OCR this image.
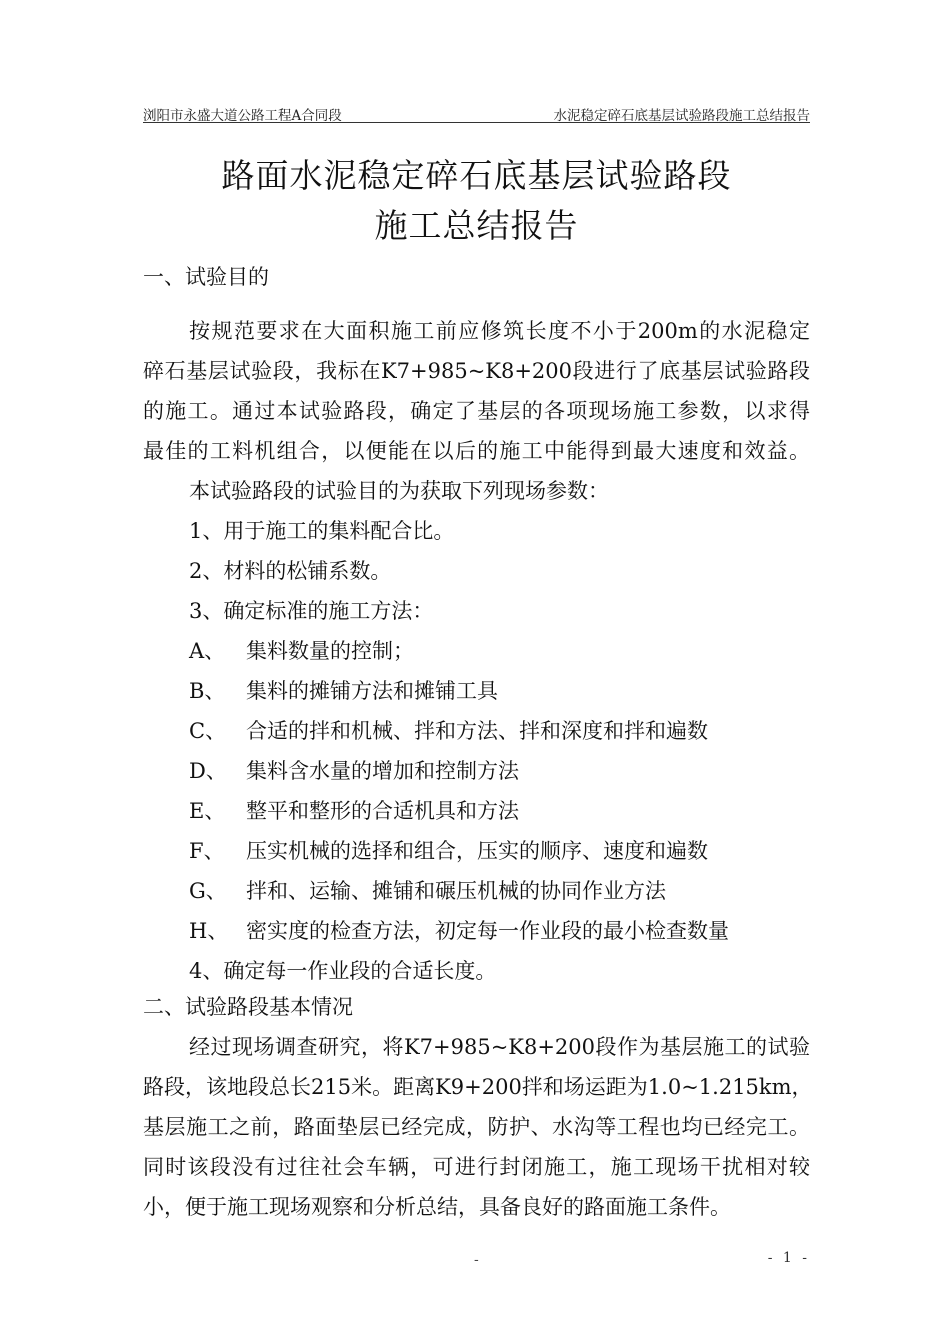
浏阳市永盛大道公路工程A合同段	水泥稳定碎石底基层试验路段施工总结报告
路面水泥稳定碎石底基层试验路段
施工总结报告
一、试验目的
按规范要求在大面积施工前应修筑长度不小于200m的水泥稳定
碎石基层试验段，我标在K7+985~K8+200段进行了底基层试验路段
的施工。通过本试验路段，确定了基层的各项现场施工参数，以求得
最佳的工料机组合，以便能在以后的施工中能得到最大速度和效益。
本试验路段的试验目的为获取下列现场参数：
1、用于施工的集料配合比。
2、材料的松铺系数。
3、确定标准的施工方法：
A、 集料数量的控制；
B、 集料的摊铺方法和摊铺工具
C、 合适的拌和机械、拌和方法、拌和深度和拌和遍数
D、 集料含水量的增加和控制方法
E、 整平和整形的合适机具和方法
F、 压实机械的选择和组合，压实的顺序、速度和遍数
G、 拌和、运输、摊铺和碾压机械的协同作业方法
H、 密实度的检查方法，初定每一作业段的最小检查数量
4、确定每一作业段的合适长度。
二、试验路段基本情况
经过现场调查研究，将K7+985~K8+200段作为基层施工的试验
路段，该地段总长215米。距离K9+200拌和场运距为1.0~1.215km，
基层施工之前，路面垫层已经完成，防护、水沟等工程也均已经完工。
同时该段没有过往社会车辆，可进行封闭施工，施工现场干扰相对较
小，便于施工现场观察和分析总结，具备良好的路面施工条件。
-	- 1 -
